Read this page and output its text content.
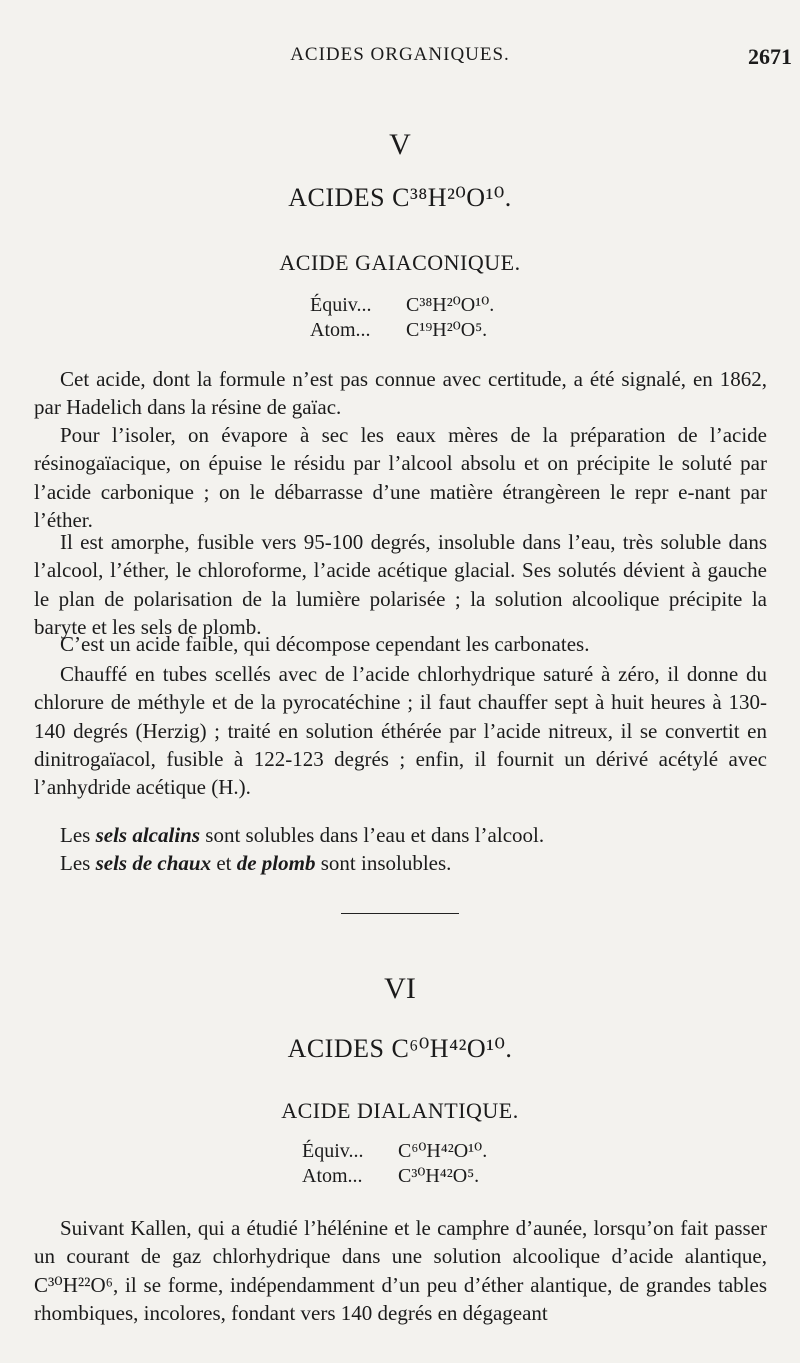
ACIDES ORGANIQUES.	2671
V
ACIDES C³⁸H²⁰O¹⁰.
ACIDE GAIACONIQUE.
Équiv... C³⁸H²⁰O¹⁰.
Atom... C¹⁹H²⁰O⁵.

Cet acide, dont la formule n’est pas connue avec certitude, a été signalé, en 1862, par Hadelich dans la résine de gaïac.

Pour l’isoler, on évapore à sec les eaux mères de la préparation de l’acide résinogaïacique, on épuise le résidu par l’alcool absolu et on précipite le soluté par l’acide carbonique ; on le débarrasse d’une matière étrangèreen le repr e-nant par l’éther.

Il est amorphe, fusible vers 95-100 degrés, insoluble dans l’eau, très soluble dans l’alcool, l’éther, le chloroforme, l’acide acétique glacial. Ses solutés dévient à gauche le plan de polarisation de la lumière polarisée ; la solution alcoolique précipite la baryte et les sels de plomb.

C’est un acide faible, qui décompose cependant les carbonates.

Chauffé en tubes scellés avec de l’acide chlorhydrique saturé à zéro, il donne du chlorure de méthyle et de la pyrocatéchine ; il faut chauffer sept à huit heures à 130-140 degrés (Herzig) ; traité en solution éthérée par l’acide nitreux, il se convertit en dinitrogaïacol, fusible à 122-123 degrés ; enfin, il fournit un dérivé acétylé avec l’anhydride acétique (H.).

Les sels alcalins sont solubles dans l’eau et dans l’alcool.
Les sels de chaux et de plomb sont insolubles.
VI
ACIDES C⁶⁰H⁴²O¹⁰.
ACIDE DIALANTIQUE.
Équiv... C⁶⁰H⁴²O¹⁰.
Atom... C³⁰H⁴²O⁵.

Suivant Kallen, qui a étudié l’hélénine et le camphre d’aunée, lorsqu’on fait passer un courant de gaz chlorhydrique dans une solution alcoolique d’acide alantique, C³⁰H²²O⁶, il se forme, indépendamment d’un peu d’éther alantique, de grandes tables rhombiques, incolores, fondant vers 140 degrés en dégageant
